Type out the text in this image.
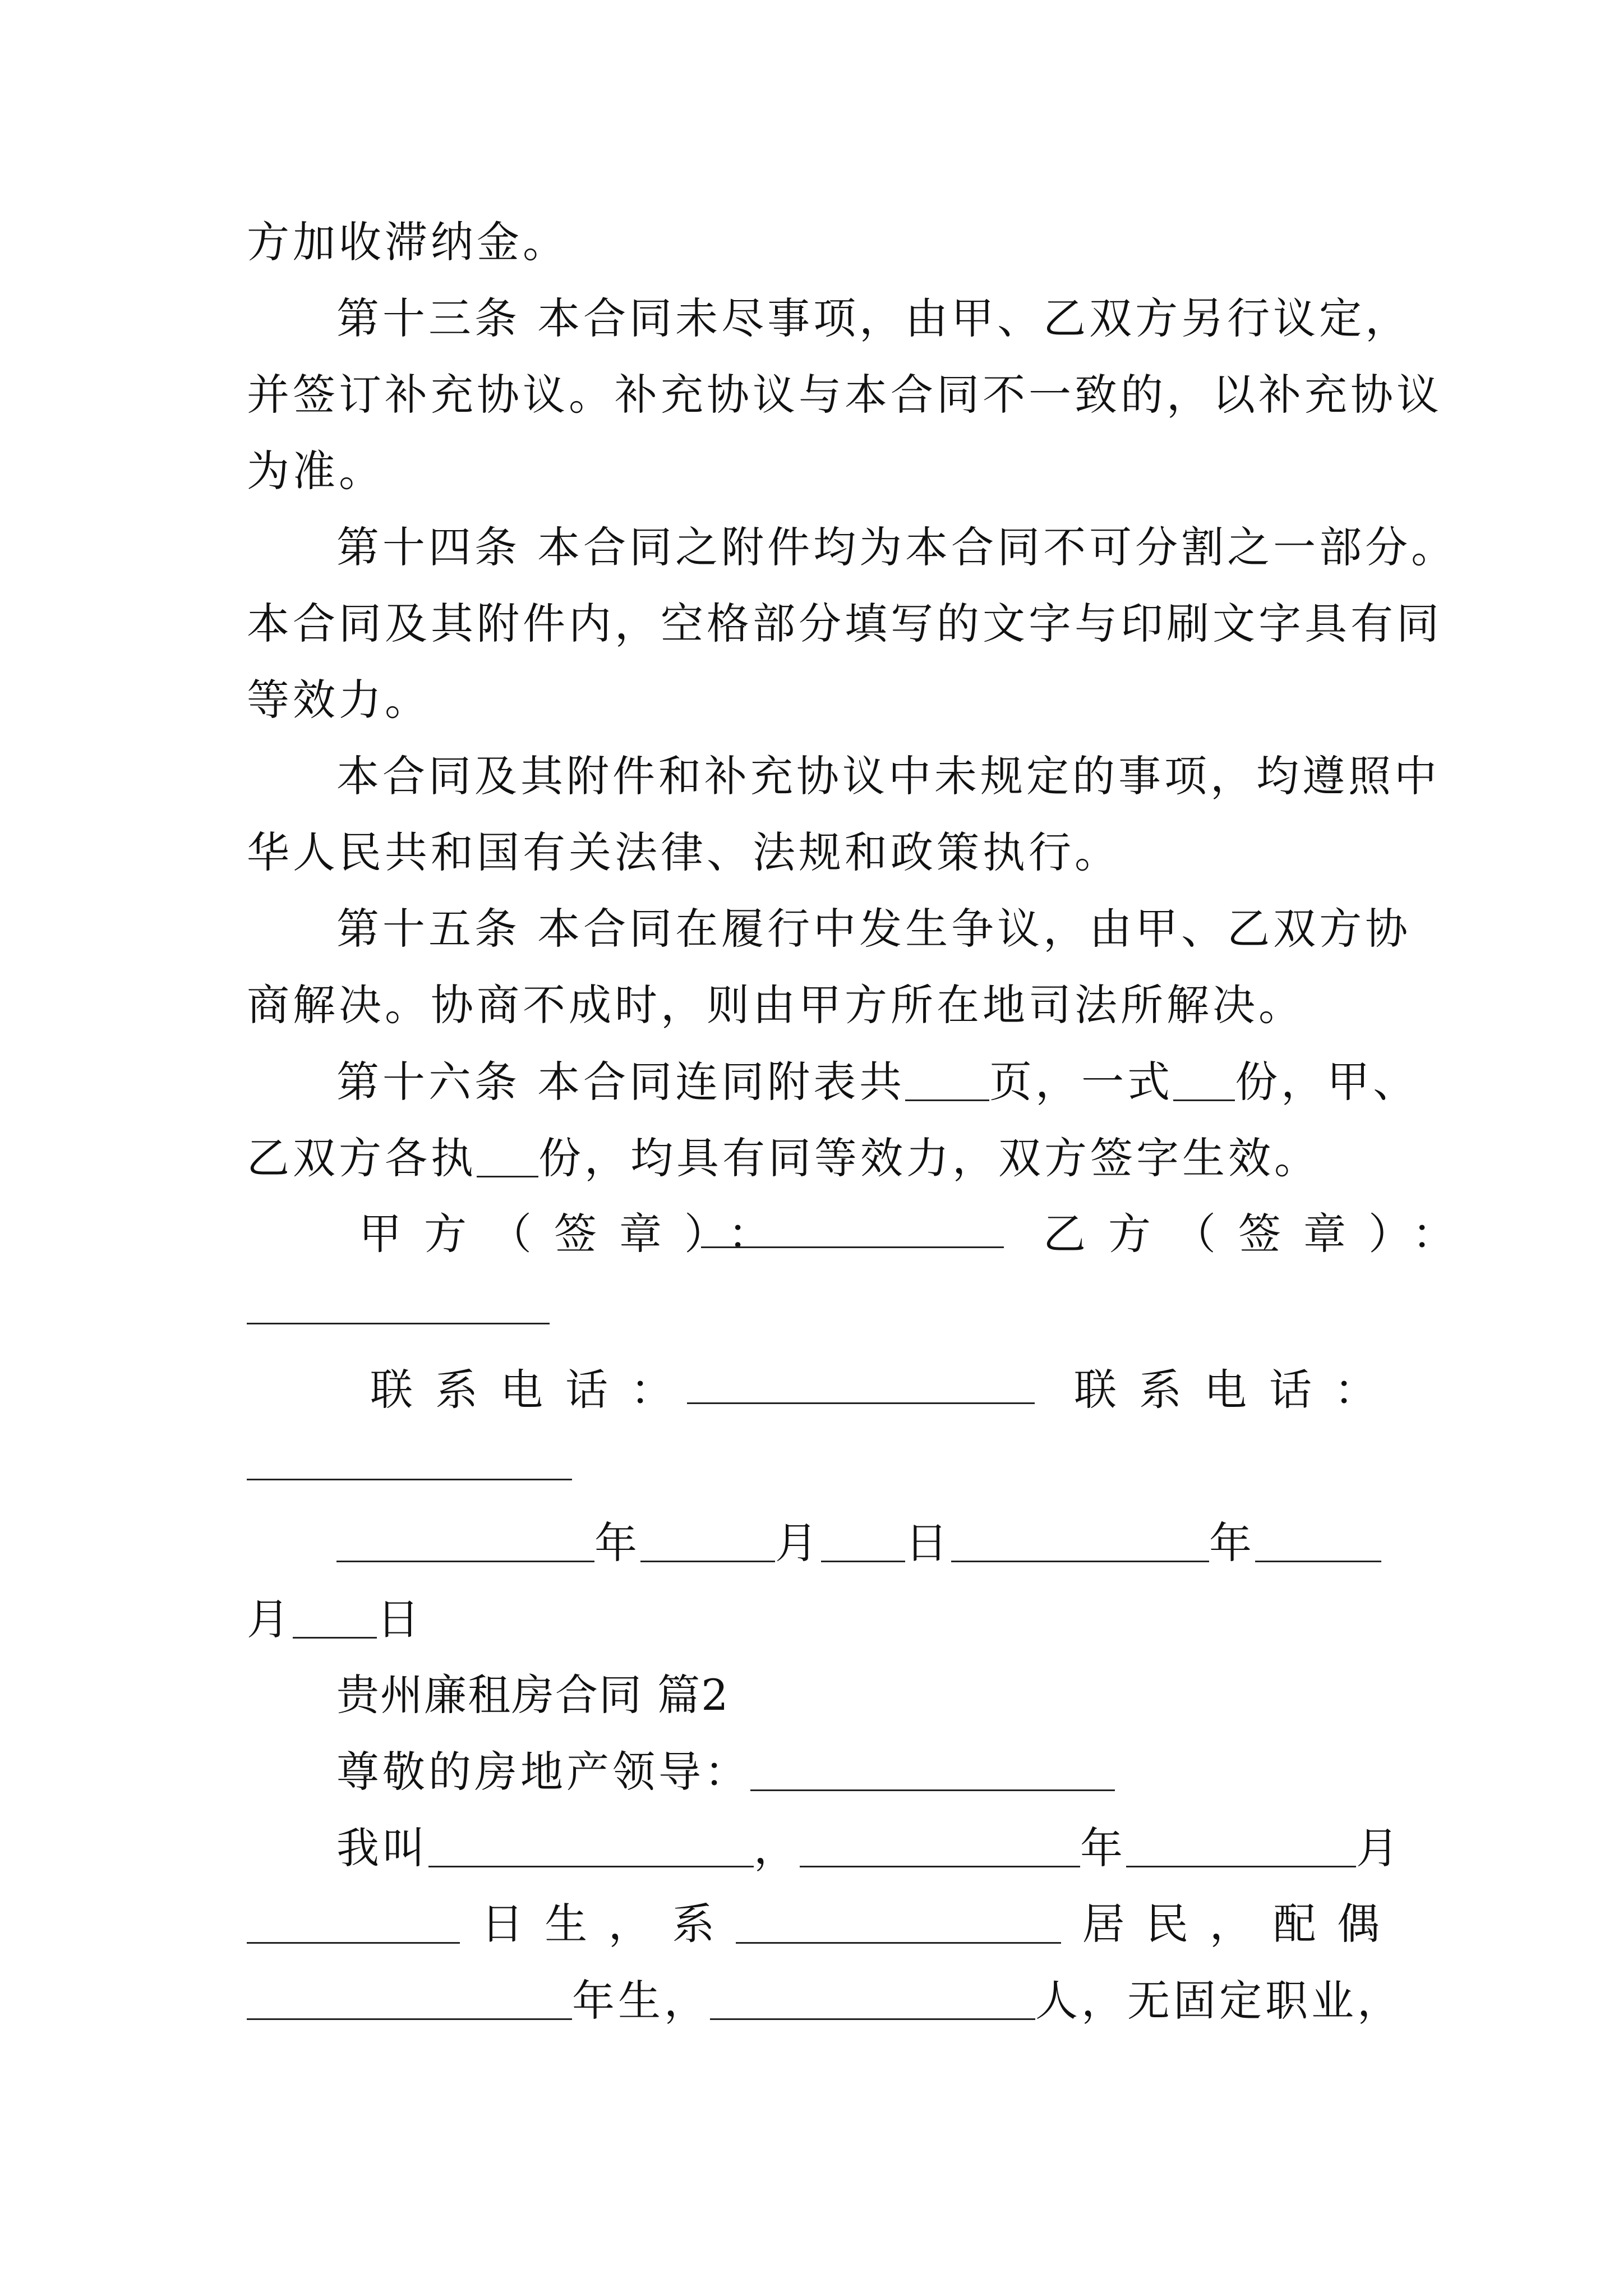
方加收滞纳金。
第十三条 本合同未尽事项，由甲、乙双方另行议定，
并签订补充协议。补充协议与本合同不一致的，以补充协议
为准。
第十四条 本合同之附件均为本合同不可分割之一部分。
本合同及其附件内，空格部分填写的文字与印刷文字具有同
等效力。
本合同及其附件和补充协议中未规定的事项，均遵照中
华人民共和国有关法律、法规和政策执行。
第十五条 本合同在履行中发生争议，由甲、乙双方协
商解决。协商不成时，则由甲方所在地司法所解决。
第十六条 本合同连同附表共 页，一式 份，甲、
乙双方各执 份，均具有同等效力，双方签字生效。
甲方（签章）：	乙方（签章）：
联系电话：	联系电话：
年	月 日	年
月 日
贵州廉租房合同 篇2
尊敬的房地产领导：
我叫	，	年	月
日 生 ， 系	居 民 ， 配 偶
年生，	人，无固定职业，
